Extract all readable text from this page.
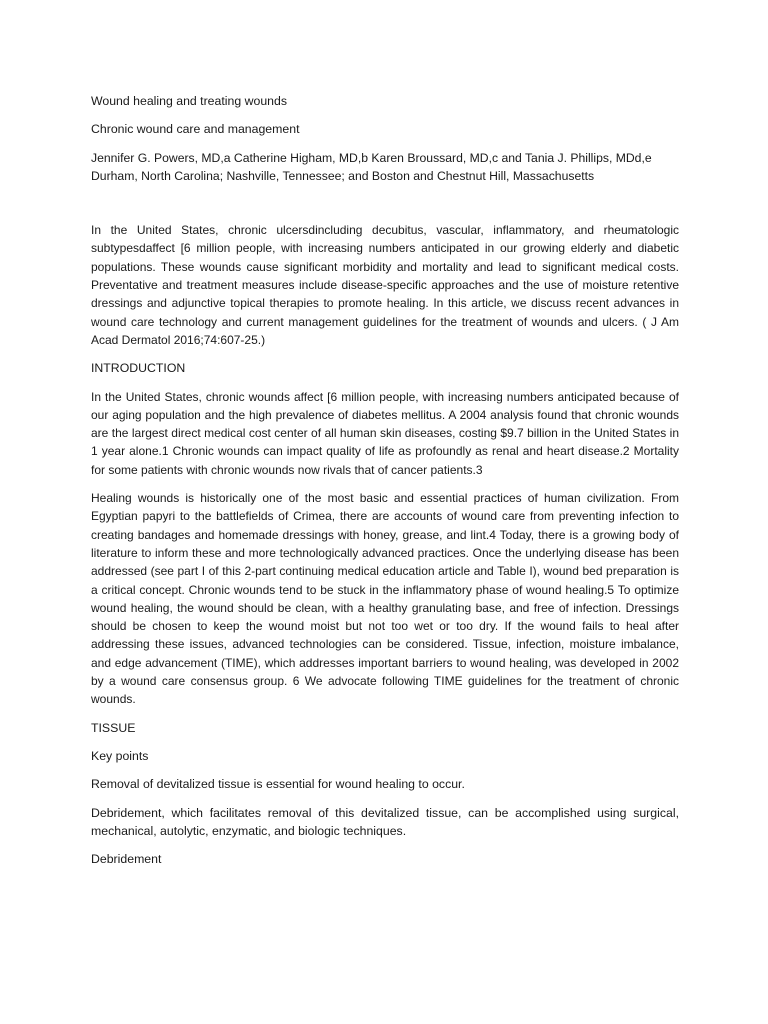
Wound healing and treating wounds

Chronic wound care and management

Jennifer G. Powers, MD,a Catherine Higham, MD,b Karen Broussard, MD,c and Tania J. Phillips, MDd,e

Durham, North Carolina; Nashville, Tennessee; and Boston and Chestnut Hill, Massachusetts

In the United States, chronic ulcersdincluding decubitus, vascular, inflammatory, and rheumatologic subtypesdaffect [6 million people, with increasing numbers anticipated in our growing elderly and diabetic populations. These wounds cause significant morbidity and mortality and lead to significant medical costs. Preventative and treatment measures include disease-specific approaches and the use of moisture retentive dressings and adjunctive topical therapies to promote healing. In this article, we discuss recent advances in wound care technology and current management guidelines for the treatment of wounds and ulcers. ( J Am Acad Dermatol 2016;74:607-25.)

INTRODUCTION

In the United States, chronic wounds affect [6 million people, with increasing numbers anticipated because of our aging population and the high prevalence of diabetes mellitus. A 2004 analysis found that chronic wounds are the largest direct medical cost center of all human skin diseases, costing $9.7 billion in the United States in 1 year alone.1 Chronic wounds can impact quality of life as profoundly as renal and heart disease.2 Mortality for some patients with chronic wounds now rivals that of cancer patients.3

Healing wounds is historically one of the most basic and essential practices of human civilization. From Egyptian papyri to the battlefields of Crimea, there are accounts of wound care from preventing infection to creating bandages and homemade dressings with honey, grease, and lint.4 Today, there is a growing body of literature to inform these and more technologically advanced practices. Once the underlying disease has been addressed (see part I of this 2-part continuing medical education article and Table I), wound bed preparation is a critical concept. Chronic wounds tend to be stuck in the inflammatory phase of wound healing.5 To optimize wound healing, the wound should be clean, with a healthy granulating base, and free of infection. Dressings should be chosen to keep the wound moist but not too wet or too dry. If the wound fails to heal after addressing these issues, advanced technologies can be considered. Tissue, infection, moisture imbalance, and edge advancement (TIME), which addresses important barriers to wound healing, was developed in 2002 by a wound care consensus group. 6 We advocate following TIME guidelines for the treatment of chronic wounds.

TISSUE

Key points

Removal of devitalized tissue is essential for wound healing to occur.

Debridement, which facilitates removal of this devitalized tissue, can be accomplished using surgical, mechanical, autolytic, enzymatic, and biologic techniques.

Debridement
